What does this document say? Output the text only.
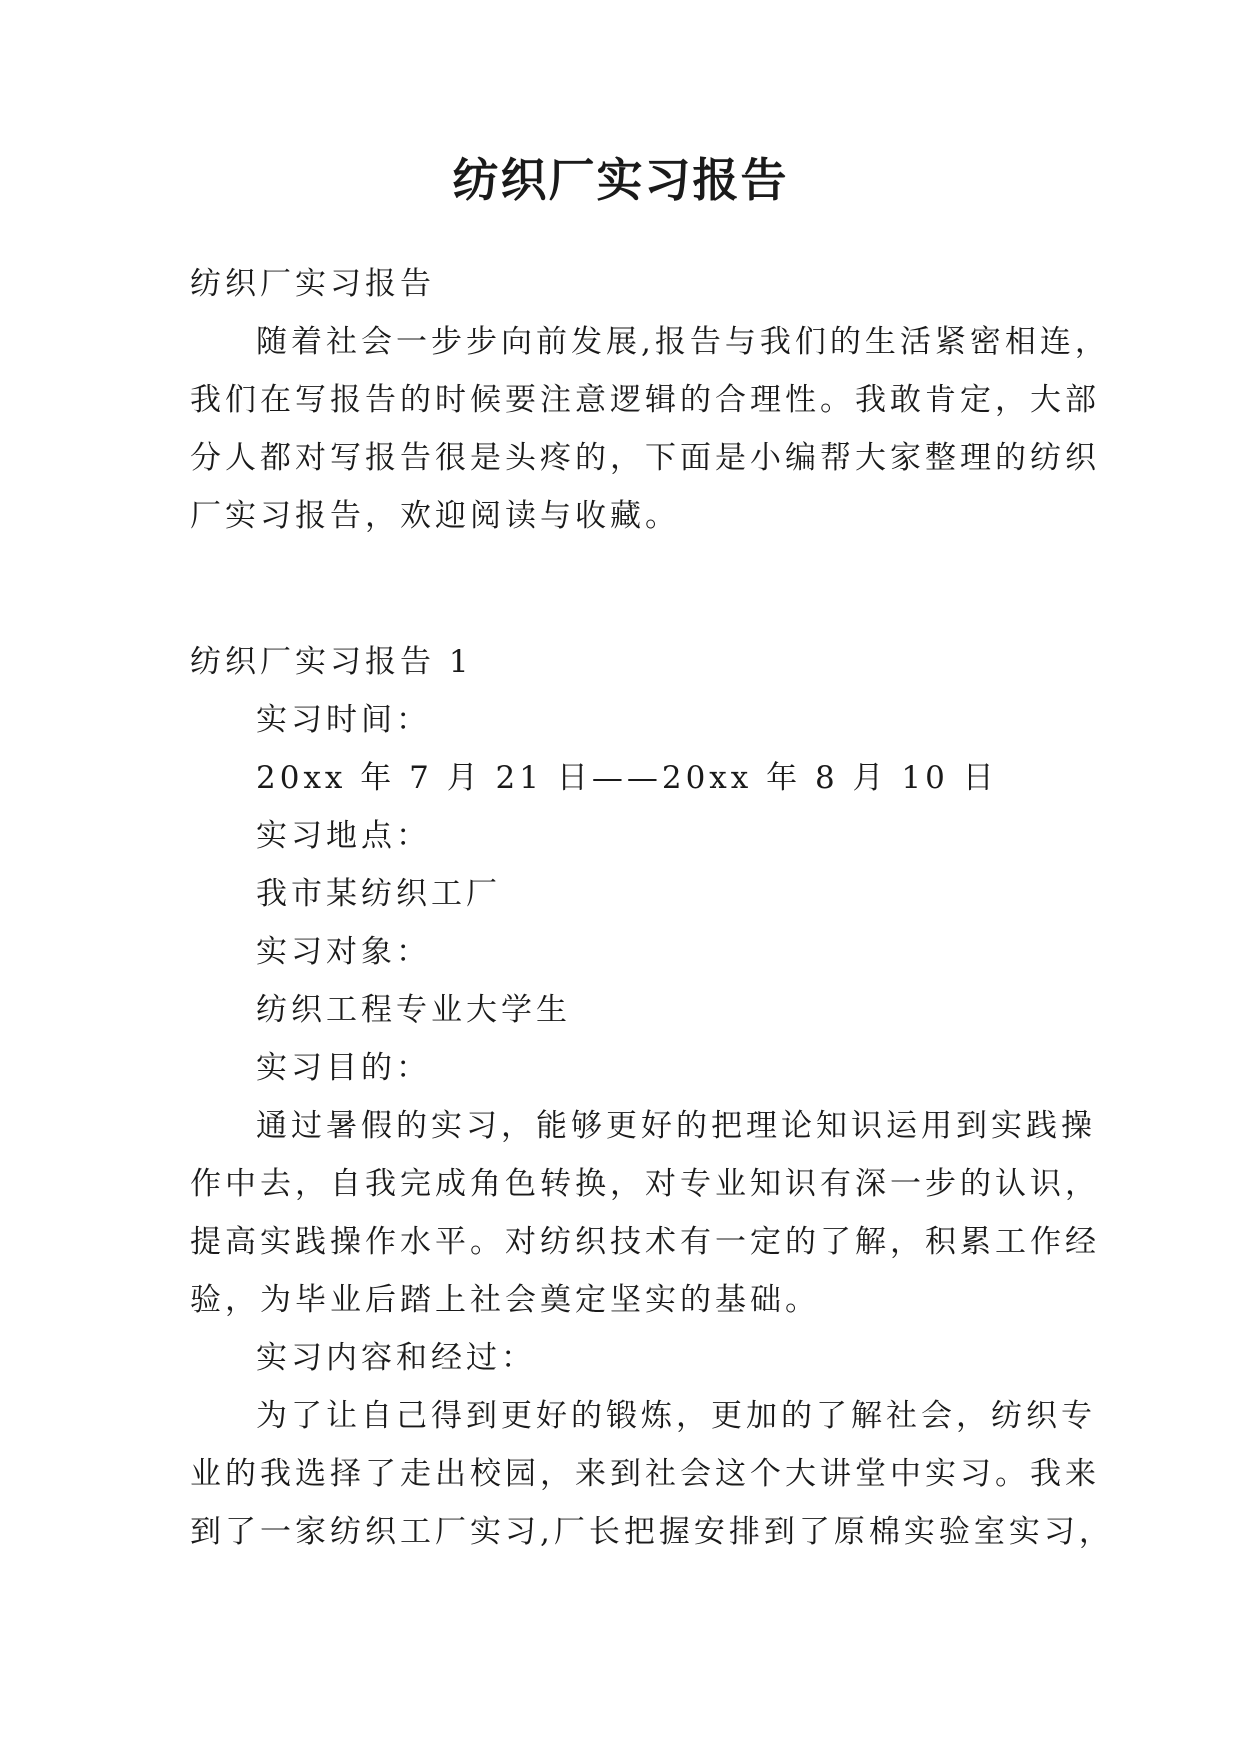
纺织厂实习报告
纺织厂实习报告
随着社会一步步向前发展,报告与我们的生活紧密相连，
我们在写报告的时候要注意逻辑的合理性。我敢肯定，大部
分人都对写报告很是头疼的，下面是小编帮大家整理的纺织
厂实习报告，欢迎阅读与收藏。
纺织厂实习报告 1
实习时间：
20xx 年 7 月 21 日——20xx 年 8 月 10 日
实习地点：
我市某纺织工厂
实习对象：
纺织工程专业大学生
实习目的：
通过暑假的实习，能够更好的把理论知识运用到实践操
作中去，自我完成角色转换，对专业知识有深一步的认识，
提高实践操作水平。对纺织技术有一定的了解，积累工作经
验，为毕业后踏上社会奠定坚实的基础。
实习内容和经过：
为了让自己得到更好的锻炼，更加的了解社会，纺织专
业的我选择了走出校园，来到社会这个大讲堂中实习。我来
到了一家纺织工厂实习,厂长把握安排到了原棉实验室实习，
